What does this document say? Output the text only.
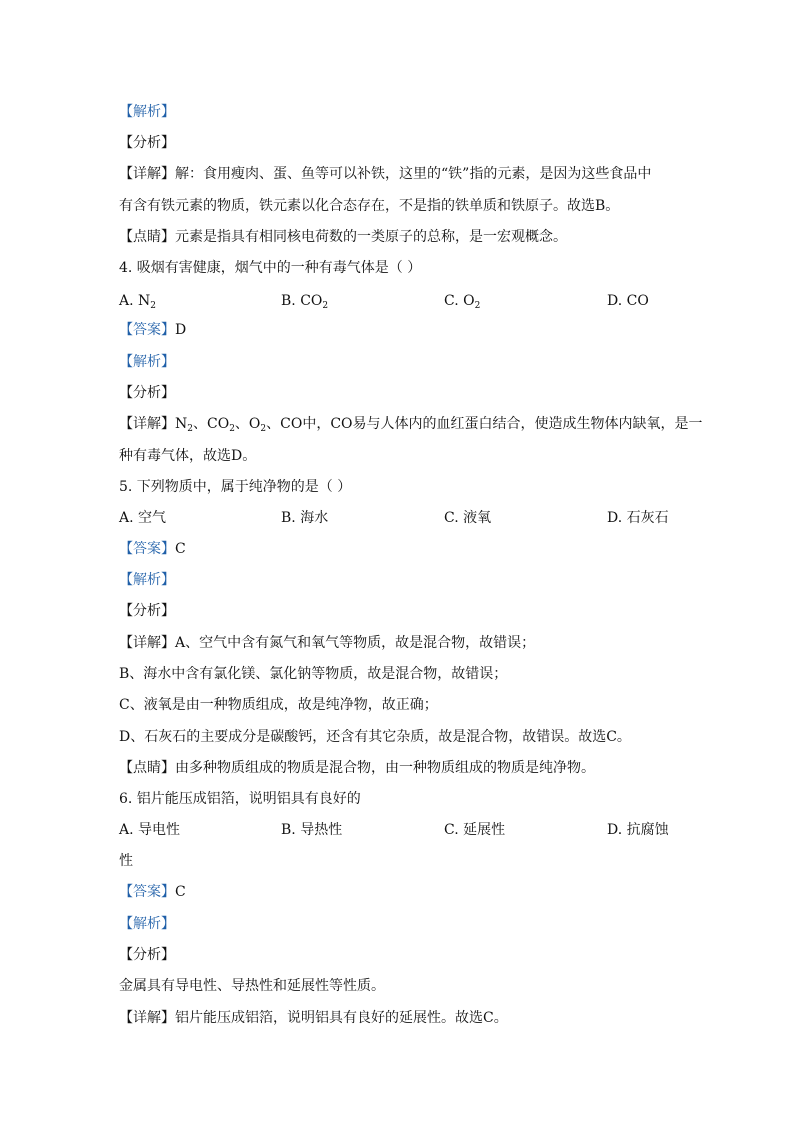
【解析】
【分析】
【详解】解：食用瘦肉、蛋、鱼等可以补铁，这里的“铁”指的元素，是因为这些食品中
有含有铁元素的物质，铁元素以化合态存在，不是指的铁单质和铁原子。故选B。
【点睛】元素是指具有相同核电荷数的一类原子的总称，是一宏观概念。
4. 吸烟有害健康，烟气中的一种有毒气体是（ ）
A. $N_2$	B. $CO_2$	C. $O_2$	D. CO
【答案】D
【解析】
【分析】
【详解】$N_2$、$CO_2$、$O_2$、CO中，CO易与人体内的血红蛋白结合，使造成生物体内缺氧，是一
种有毒气体，故选D。
5. 下列物质中，属于纯净物的是（ ）
A. 空气	B. 海水	C. 液氧	D. 石灰石
【答案】C
【解析】
【分析】
【详解】A、空气中含有氮气和氧气等物质，故是混合物，故错误；
B、海水中含有氯化镁、氯化钠等物质，故是混合物，故错误；
C、液氧是由一种物质组成，故是纯净物，故正确；
D、石灰石的主要成分是碳酸钙，还含有其它杂质，故是混合物，故错误。故选C。
【点睛】由多种物质组成的物质是混合物，由一种物质组成的物质是纯净物。
6. 铝片能压成铝箔，说明铝具有良好的
A. 导电性	B. 导热性	C. 延展性	D. 抗腐蚀
性
【答案】C
【解析】
【分析】
金属具有导电性、导热性和延展性等性质。
【详解】铝片能压成铝箔，说明铝具有良好的延展性。故选C。
